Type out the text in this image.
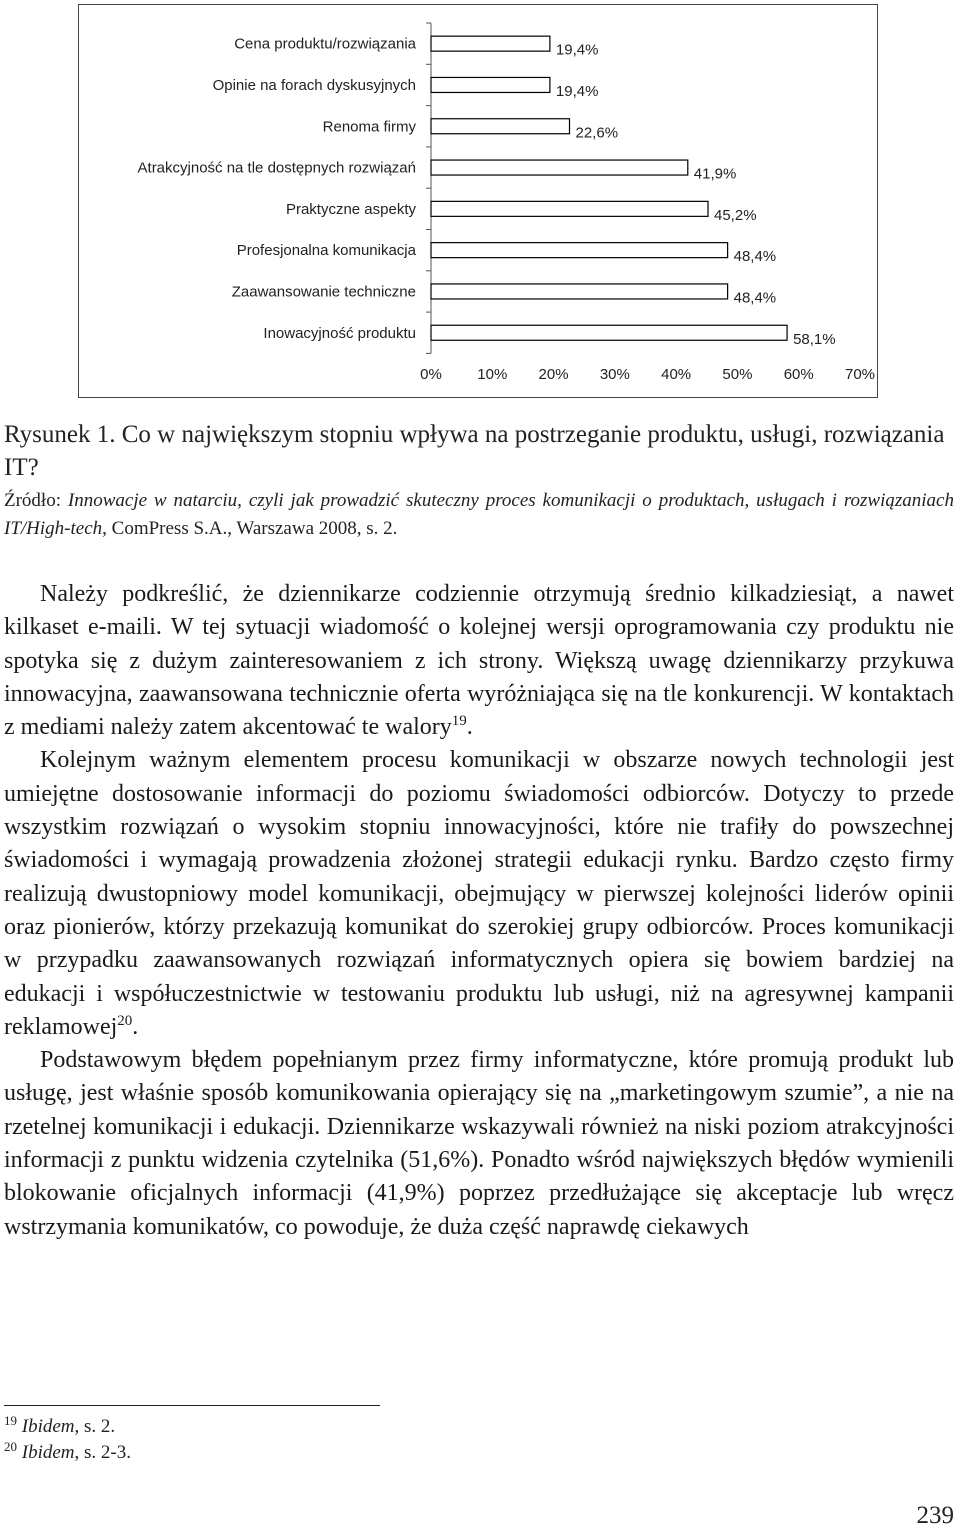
Cena produktu/rozwiązania	19,4%
Opinie na forach dyskusyjnych	19,4%
Renoma firmy	22,6%
Atrakcyjność na tle dostępnych rozwiązań	41,9%
Praktyczne aspekty	45,2%
Profesjonalna komunikacja	48,4%
Zaawansowanie techniczne	48,4%
Inowacyjność produktu	58,1%
0% 10% 20% 30% 40% 50% 60% 70%
Rysunek 1. Co w największym stopniu wpływa na postrzeganie produktu, usługi, rozwiązania IT?
Źródło: Innowacje w natarciu, czyli jak prowadzić skuteczny proces komunikacji o produktach, usługach i rozwiązaniach IT/High-tech, ComPress S.A., Warszawa 2008, s. 2.

Należy podkreślić, że dziennikarze codziennie otrzymują średnio kilkadziesiąt, a nawet kilkaset e-maili. W tej sytuacji wiadomość o kolejnej wersji oprogramowania czy produktu nie spotyka się z dużym zainteresowaniem z ich strony. Większą uwagę dziennikarzy przykuwa innowacyjna, zaawansowana technicznie oferta wyróżniająca się na tle konkurencji. W kontaktach z mediami należy zatem akcentować te walory$^{19}$.

Kolejnym ważnym elementem procesu komunikacji w obszarze nowych technologii jest umiejętne dostosowanie informacji do poziomu świadomości odbiorców. Dotyczy to przede wszystkim rozwiązań o wysokim stopniu innowacyjności, które nie trafiły do powszechnej świadomości i wymagają prowadzenia złożonej strategii edukacji rynku. Bardzo często firmy realizują dwustopniowy model komunikacji, obejmujący w pierwszej kolejności liderów opinii oraz pionierów, którzy przekazują komunikat do szerokiej grupy odbiorców. Proces komunikacji w przypadku zaawansowanych rozwiązań informatycznych opiera się bowiem bardziej na edukacji i współuczestnictwie w testowaniu produktu lub usługi, niż na agresywnej kampanii reklamowej$^{20}$.

Podstawowym błędem popełnianym przez firmy informatyczne, które promują produkt lub usługę, jest właśnie sposób komunikowania opierający się na „marketingowym szumie”, a nie na rzetelnej komunikacji i edukacji. Dziennikarze wskazywali również na niski poziom atrakcyjności informacji z punktu widzenia czytelnika (51,6%). Ponadto wśród największych błędów wymienili blokowanie oficjalnych informacji (41,9%) poprzez przedłużające się akceptacje lub wręcz wstrzymania komunikatów, co powoduje, że duża część naprawdę ciekawych

$^{19}$ Ibidem, s. 2.
$^{20}$ Ibidem, s. 2-3.
239
